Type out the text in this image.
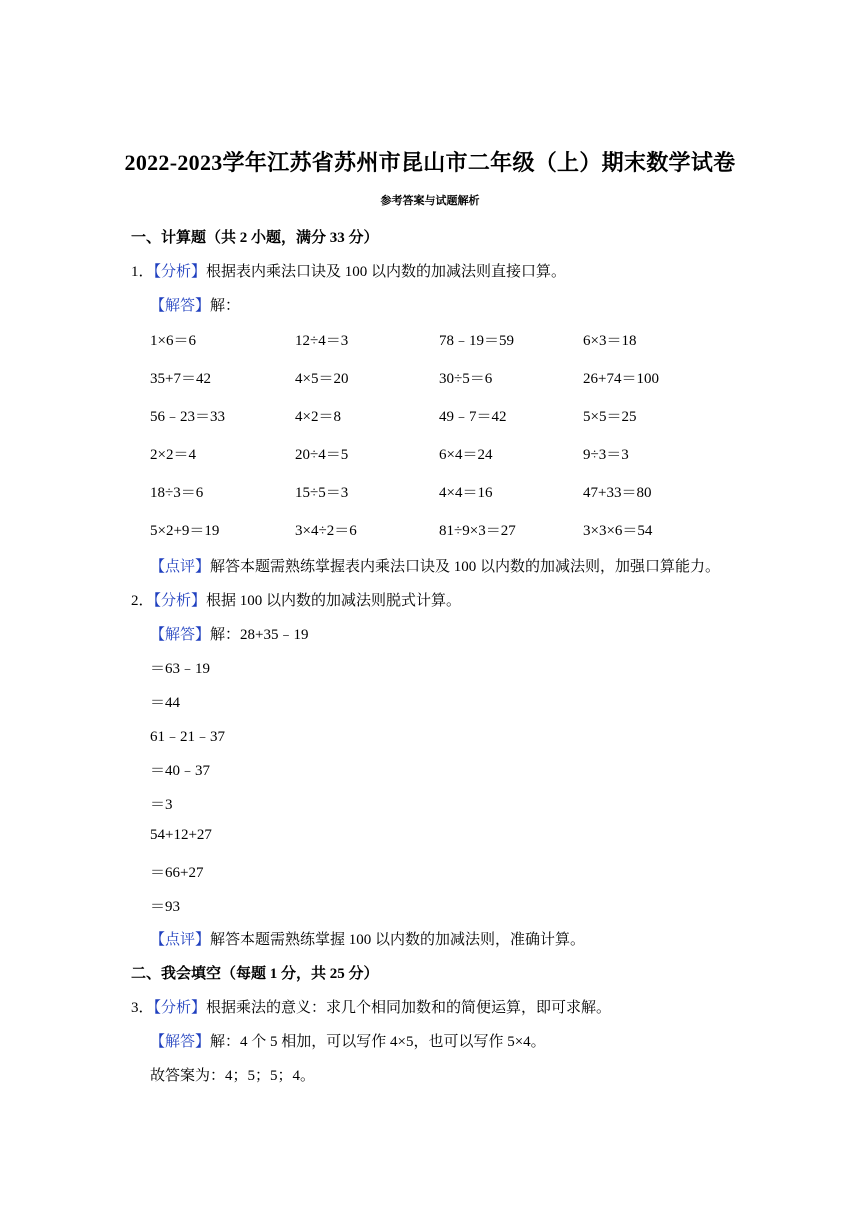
2022-2023学年江苏省苏州市昆山市二年级（上）期末数学试卷
参考答案与试题解析
一、计算题（共 2 小题，满分 33 分）
1．【分析】根据表内乘法口诀及 100 以内数的加减法则直接口算。
【解答】解：
1×6＝6	12÷4＝3	78﹣19＝59	6×3＝18
35+7＝42	4×5＝20	30÷5＝6	26+74＝100
56﹣23＝33	4×2＝8	49﹣7＝42	5×5＝25
2×2＝4	20÷4＝5	6×4＝24	9÷3＝3
18÷3＝6	15÷5＝3	4×4＝16	47+33＝80
5×2+9＝19	3×4÷2＝6	81÷9×3＝27	3×3×6＝54
【点评】解答本题需熟练掌握表内乘法口诀及 100 以内数的加减法则，加强口算能力。
2．【分析】根据 100 以内数的加减法则脱式计算。
【解答】解：28+35﹣19
＝63﹣19
＝44
61﹣21﹣37
＝40﹣37
＝3
54+12+27
＝66+27
＝93
【点评】解答本题需熟练掌握 100 以内数的加减法则，准确计算。
二、我会填空（每题 1 分，共 25 分）
3．【分析】根据乘法的意义：求几个相同加数和的简便运算，即可求解。
【解答】解：4 个 5 相加，可以写作 4×5，也可以写作 5×4。
故答案为：4；5；5；4。
